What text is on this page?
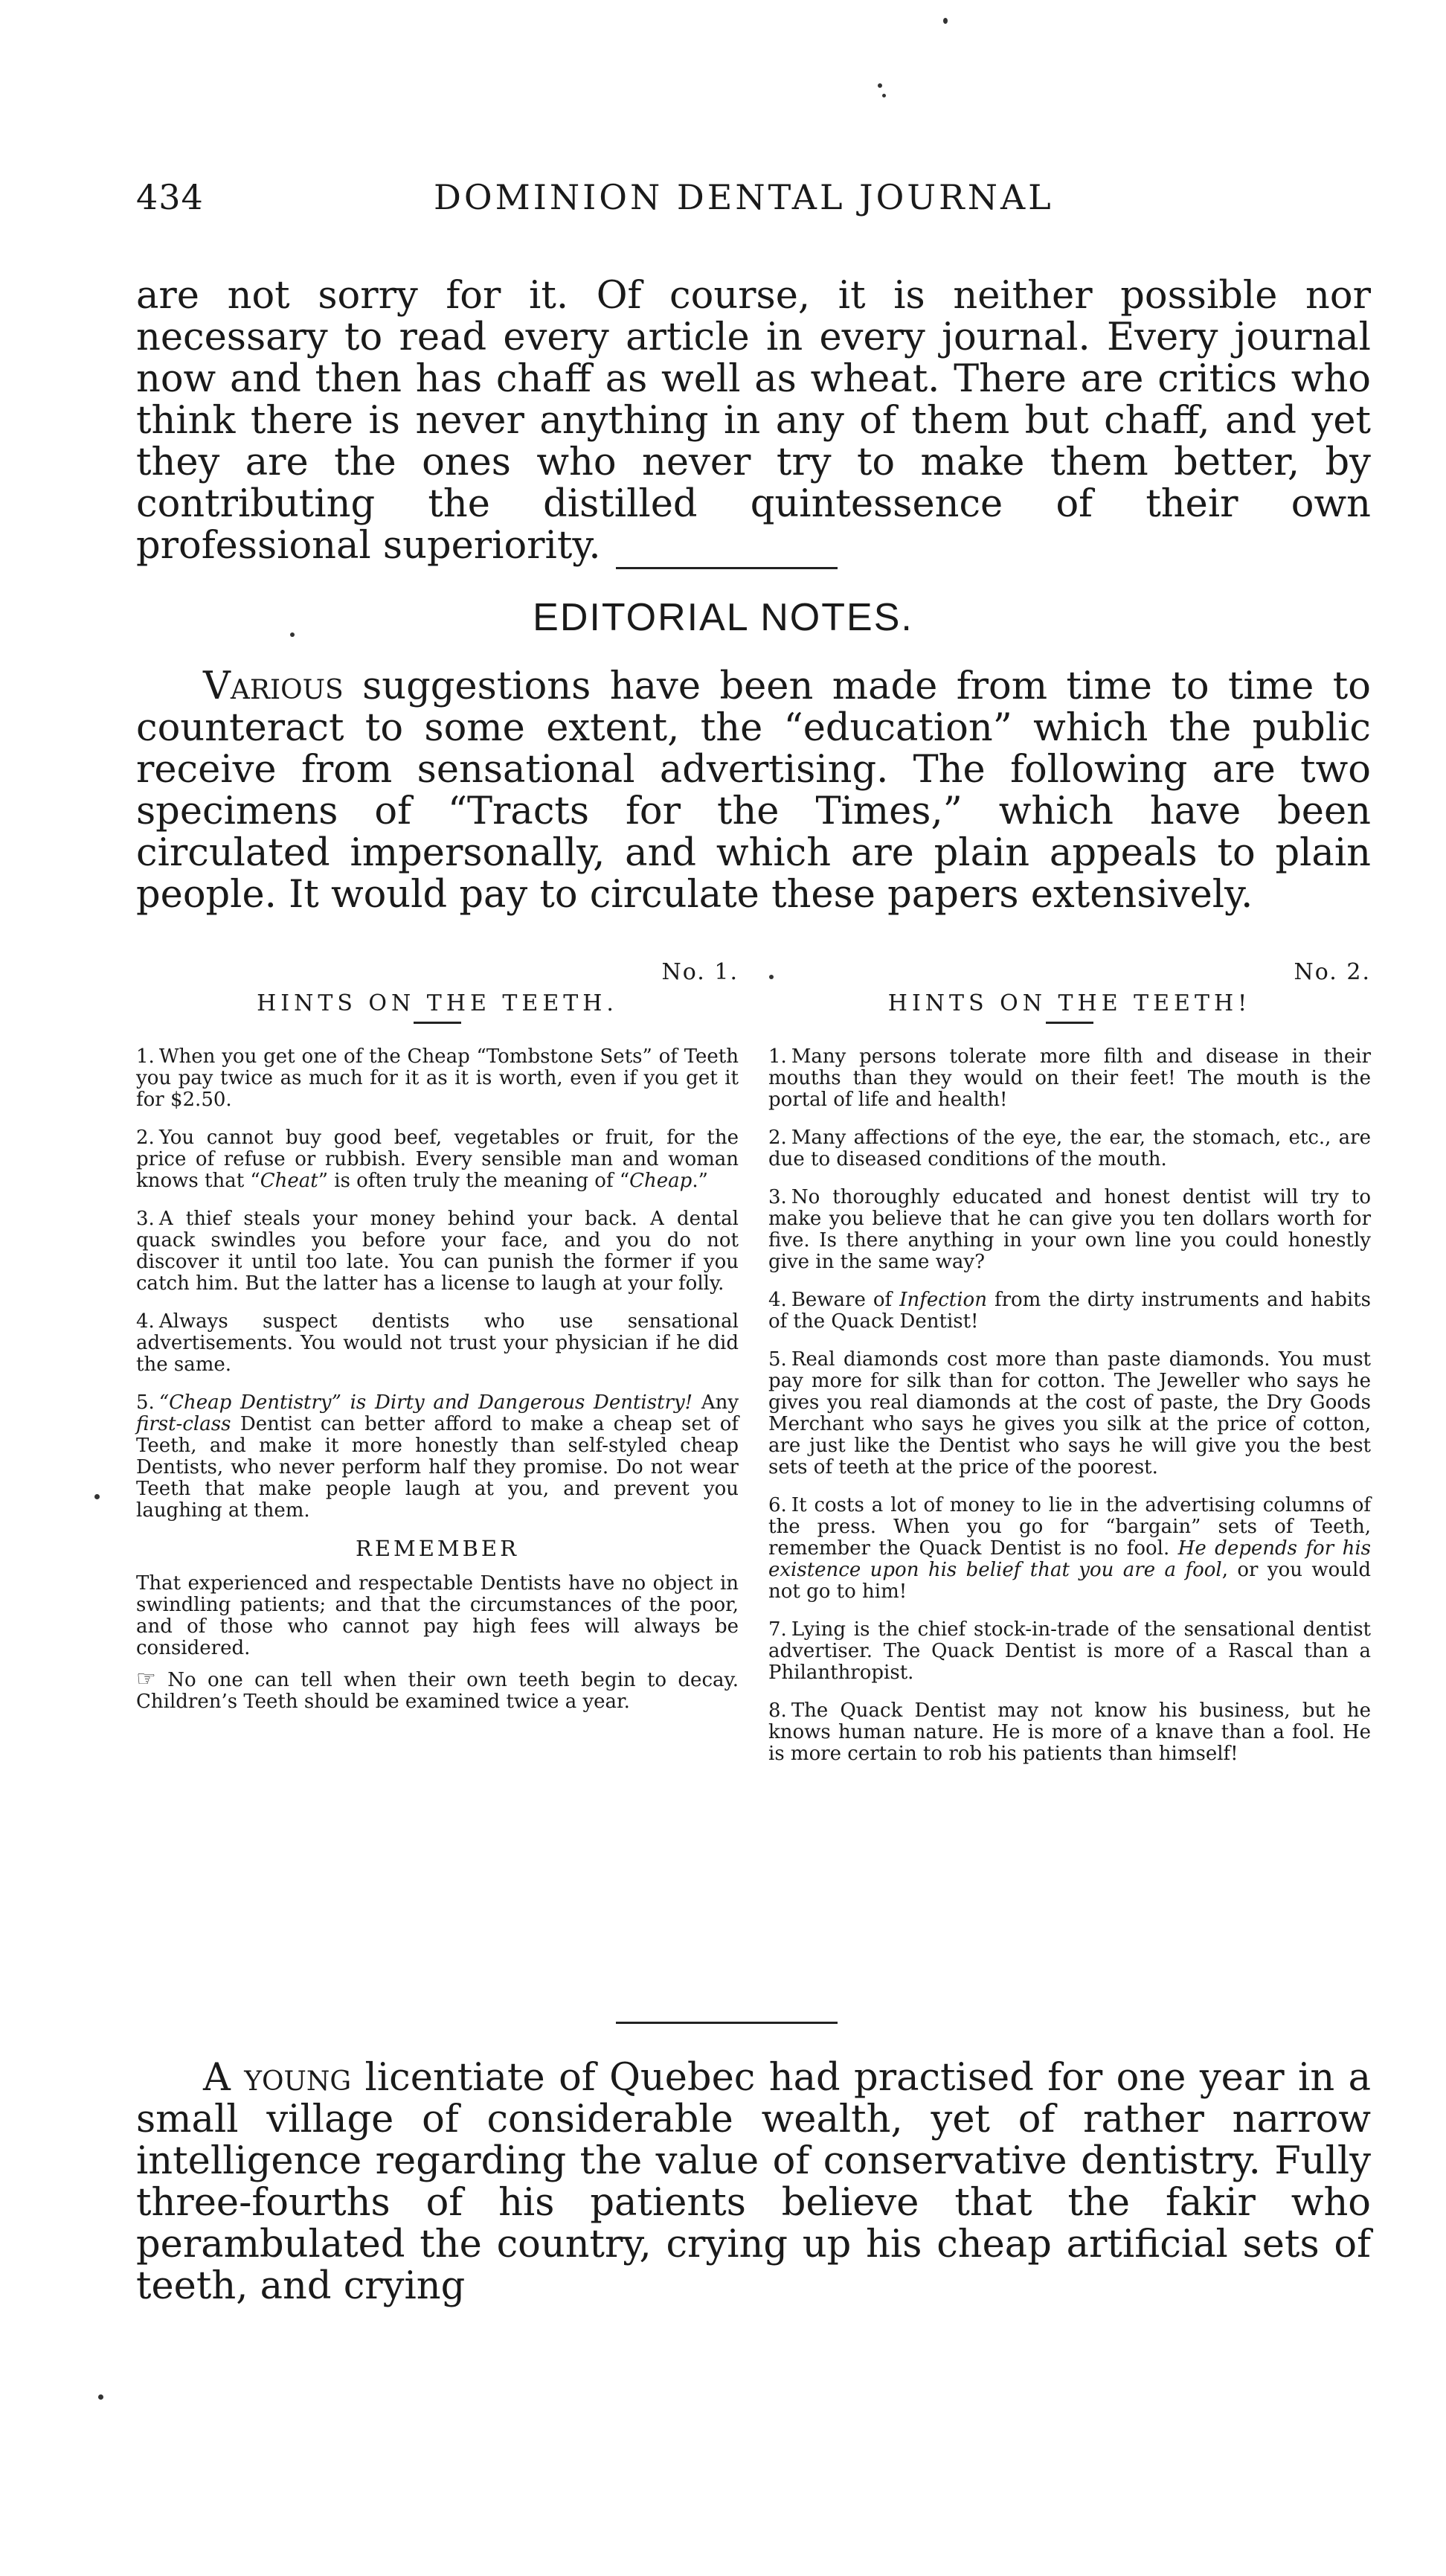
434	DOMINION DENTAL JOURNAL

are not sorry for it. Of course, it is neither possible nor necessary to read every article in every journal. Every journal now and then has chaff as well as wheat. There are critics who think there is never anything in any of them but chaff, and yet they are the ones who never try to make them better, by contributing the distilled quintessence of their own professional superiority.

EDITORIAL NOTES.

Various suggestions have been made from time to time to counteract to some extent, the “education” which the public receive from sensational advertising. The following are two specimens of “Tracts for the Times,” which have been circulated impersonally, and which are plain appeals to plain people. It would pay to circulate these papers extensively.

No. 1.
HINTS ON THE TEETH.

1. When you get one of the Cheap “Tombstone Sets” of Teeth you pay twice as much for it as it is worth, even if you get it for $2.50.

2. You cannot buy good beef, vegetables or fruit, for the price of refuse or rubbish. Every sensible man and woman knows that “Cheat” is often truly the meaning of “Cheap.”

3. A thief steals your money behind your back. A dental quack swindles you before your face, and you do not discover it until too late. You can punish the former if you catch him. But the latter has a license to laugh at your folly.

4. Always suspect dentists who use sensational advertisements. You would not trust your physician if he did the same.

5. “Cheap Dentistry” is Dirty and Dangerous Dentistry! Any first-class Dentist can better afford to make a cheap set of Teeth, and make it more honestly than self-styled cheap Dentists, who never perform half they promise. Do not wear Teeth that make people laugh at you, and prevent you laughing at them.

REMEMBER

That experienced and respectable Dentists have no object in swindling patients; and that the circumstances of the poor, and of those who cannot pay high fees will always be considered.

☞ No one can tell when their own teeth begin to decay. Children’s Teeth should be examined twice a year.

No. 2.
HINTS ON THE TEETH!

1. Many persons tolerate more filth and disease in their mouths than they would on their feet! The mouth is the portal of life and health!

2. Many affections of the eye, the ear, the stomach, etc., are due to diseased conditions of the mouth.

3. No thoroughly educated and honest dentist will try to make you believe that he can give you ten dollars worth for five. Is there anything in your own line you could honestly give in the same way?

4. Beware of Infection from the dirty instruments and habits of the Quack Dentist!

5. Real diamonds cost more than paste diamonds. You must pay more for silk than for cotton. The Jeweller who says he gives you real diamonds at the cost of paste, the Dry Goods Merchant who says he gives you silk at the price of cotton, are just like the Dentist who says he will give you the best sets of teeth at the price of the poorest.

6. It costs a lot of money to lie in the advertising columns of the press. When you go for “bargain” sets of Teeth, remember the Quack Dentist is no fool. He depends for his existence upon his belief that you are a fool, or you would not go to him!

7. Lying is the chief stock-in-trade of the sensational dentist advertiser. The Quack Dentist is more of a Rascal than a Philanthropist.

8. The Quack Dentist may not know his business, but he knows human nature. He is more of a knave than a fool. He is more certain to rob his patients than himself!

A young licentiate of Quebec had practised for one year in a small village of considerable wealth, yet of rather narrow intelligence regarding the value of conservative dentistry. Fully three-fourths of his patients believe that the fakir who perambulated the country, crying up his cheap artificial sets of teeth, and crying
